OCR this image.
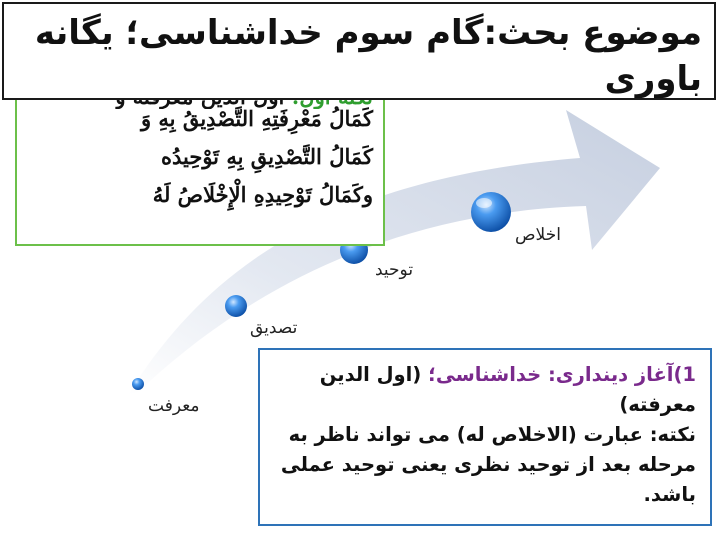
معرفت
تصدیق
توحید
اخلاص
كَمَالُ مَعْرِفَتِهِ التَّصْدِيقُ بِهِ وَ
كَمَالُ التَّصْدِيقِ بِهِ تَوْحِيدُه
وكَمَالُ تَوْحِيدِهِ الْإِخْلَاصُ لَهُ
موضوع بحث:گام سوم خداشناسی؛ یگانه باوری
1)آغاز دینداری: خداشناسی؛ (اول الدین معرفته)
نکته: عبارت (الاخلاص له) می تواند ناظر به مرحله بعد از توحید نظری یعنی توحید عملی باشد.
